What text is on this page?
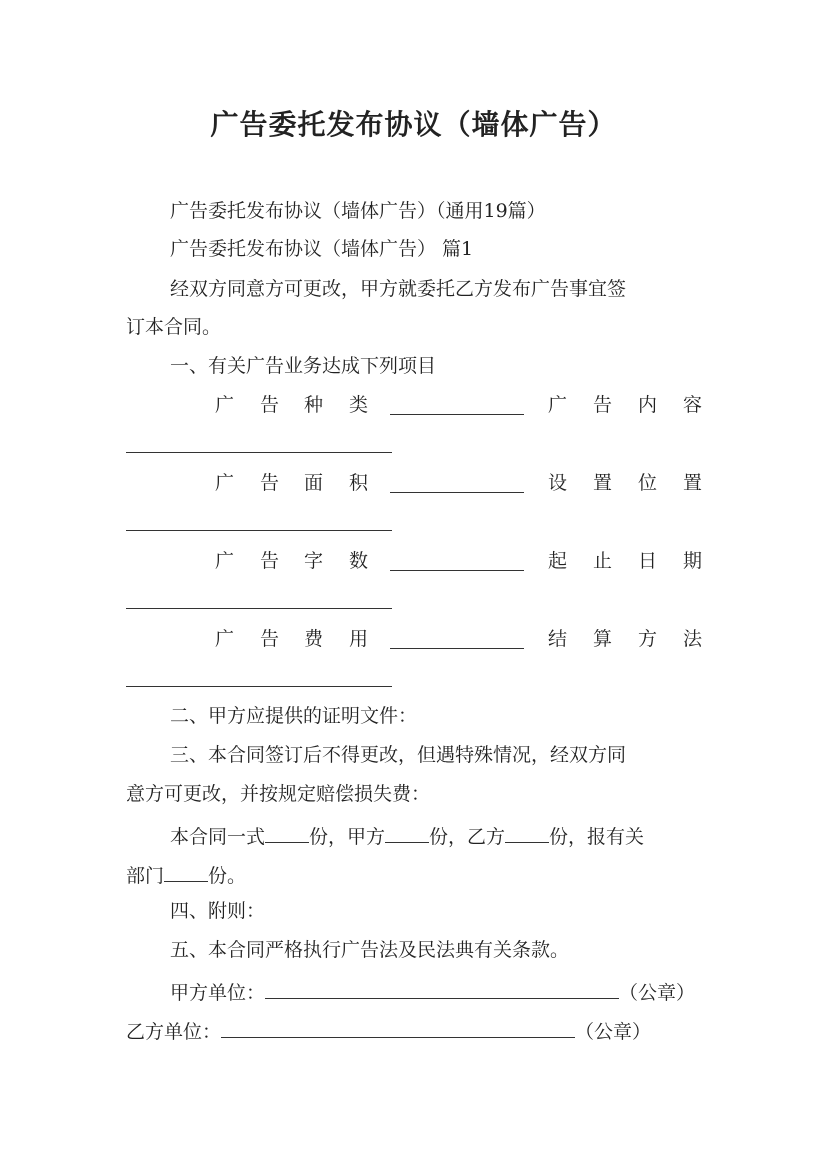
广告委托发布协议（墙体广告）
广告委托发布协议（墙体广告）（通用19篇）
广告委托发布协议（墙体广告） 篇1
经双方同意方可更改，甲方就委托乙方发布广告事宜签
订本合同。
一、有关广告业务达成下列项目
广 告 种 类	广 告 内 容
广 告 面 积	设 置 位 置
广 告 字 数	起 止 日 期
广 告 费 用	结 算 方 法
二、甲方应提供的证明文件：
三、本合同签订后不得更改，但遇特殊情况，经双方同
意方可更改，并按规定赔偿损失费：
本合同一式 份，甲方 份，乙方 份，报有关
部门 份。
四、附则：
五、本合同严格执行广告法及民法典有关条款。
甲方单位：	（公章）
乙方单位：	（公章）
